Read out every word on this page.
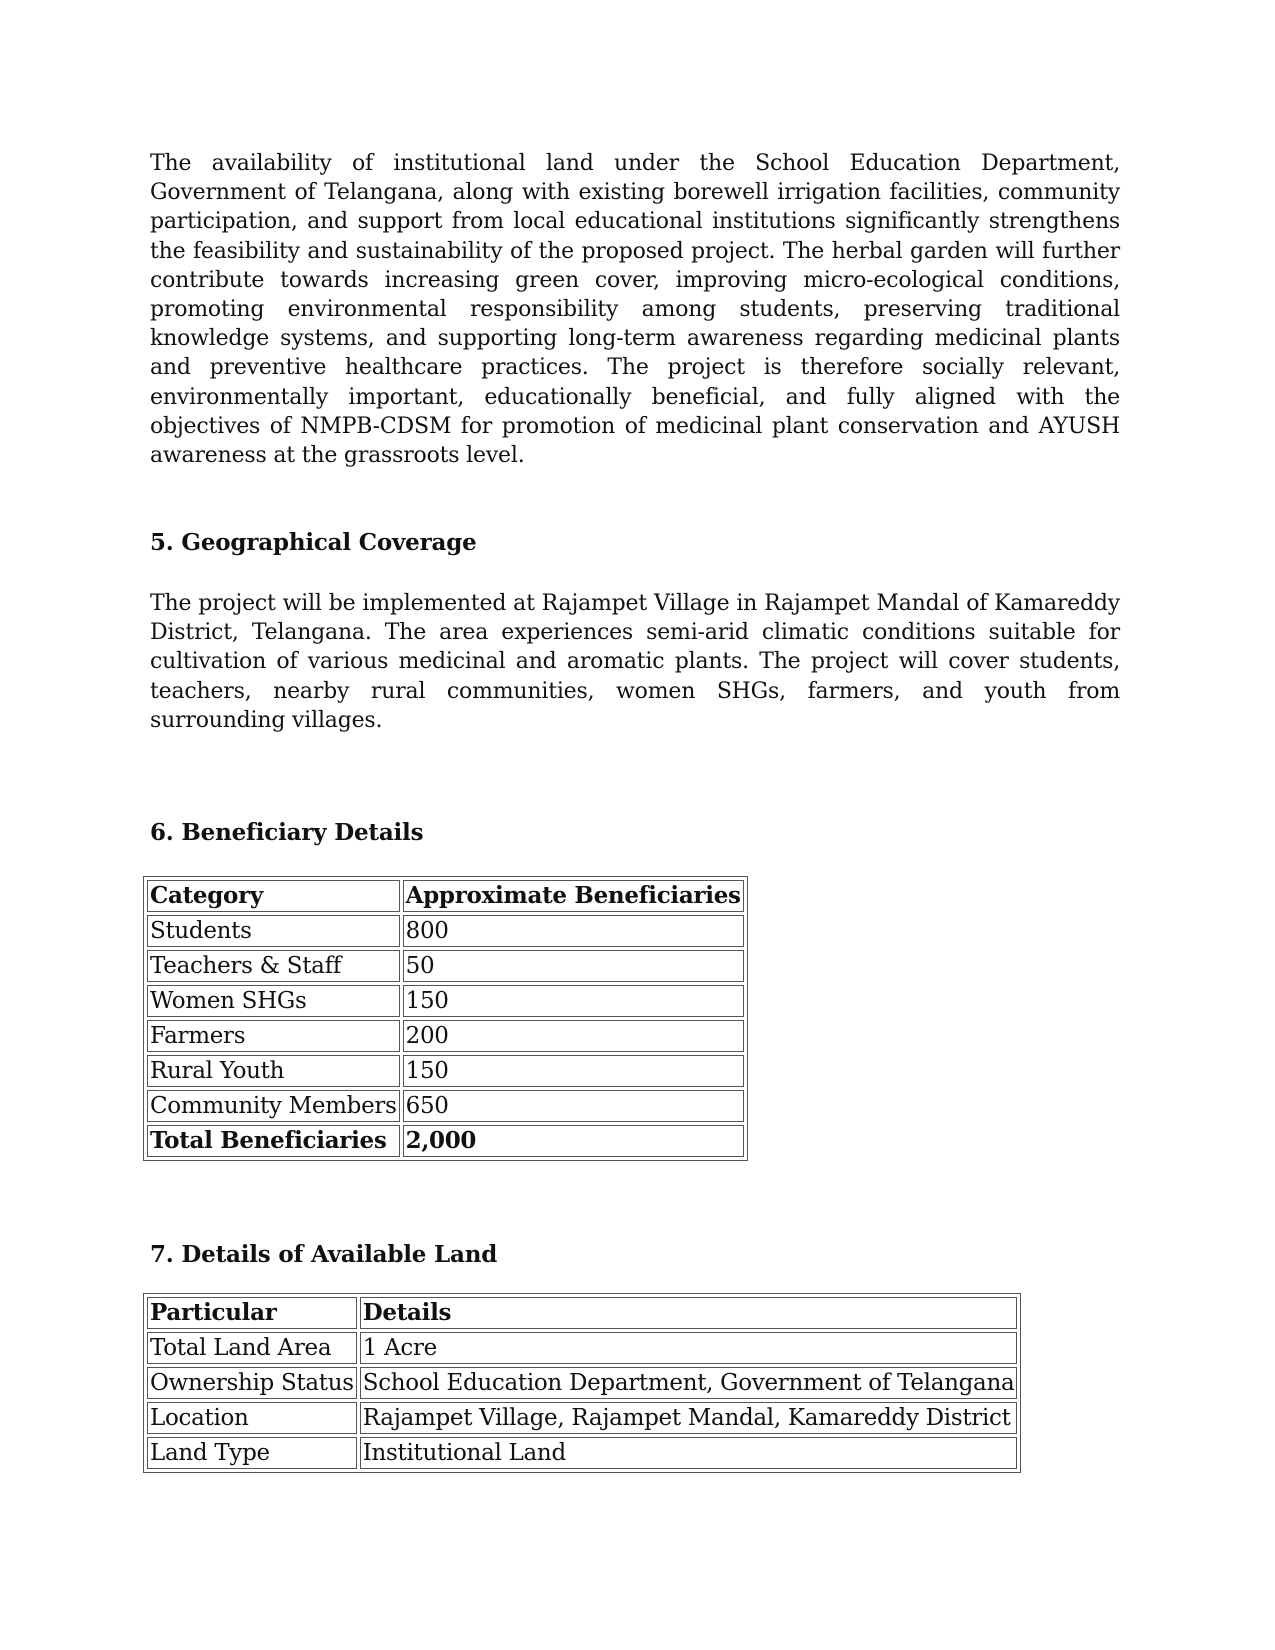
The availability of institutional land under the School Education Department, Government of Telangana, along with existing borewell irrigation facilities, community participation, and support from local educational institutions significantly strengthens the feasibility and sustainability of the proposed project. The herbal garden will further contribute towards increasing green cover, improving micro-ecological conditions, promoting environmental responsibility among students, preserving traditional knowledge systems, and supporting long-term awareness regarding medicinal plants and preventive healthcare practices. The project is therefore socially relevant, environmentally important, educationally beneficial, and fully aligned with the objectives of NMPB-CDSM for promotion of medicinal plant conservation and AYUSH awareness at the grassroots level.

5. Geographical Coverage

The project will be implemented at Rajampet Village in Rajampet Mandal of Kamareddy District, Telangana. The area experiences semi-arid climatic conditions suitable for cultivation of various medicinal and aromatic plants. The project will cover students, teachers, nearby rural communities, women SHGs, farmers, and youth from surrounding villages.

6. Beneficiary Details
Category	Approximate Beneficiaries
Students	800
Teachers & Staff	50
Women SHGs	150
Farmers	200
Rural Youth	150
Community Members	650
Total Beneficiaries	2,000
7. Details of Available Land
Particular	Details
Total Land Area	1 Acre
Ownership Status	School Education Department, Government of Telangana
Location	Rajampet Village, Rajampet Mandal, Kamareddy District
Land Type	Institutional Land
